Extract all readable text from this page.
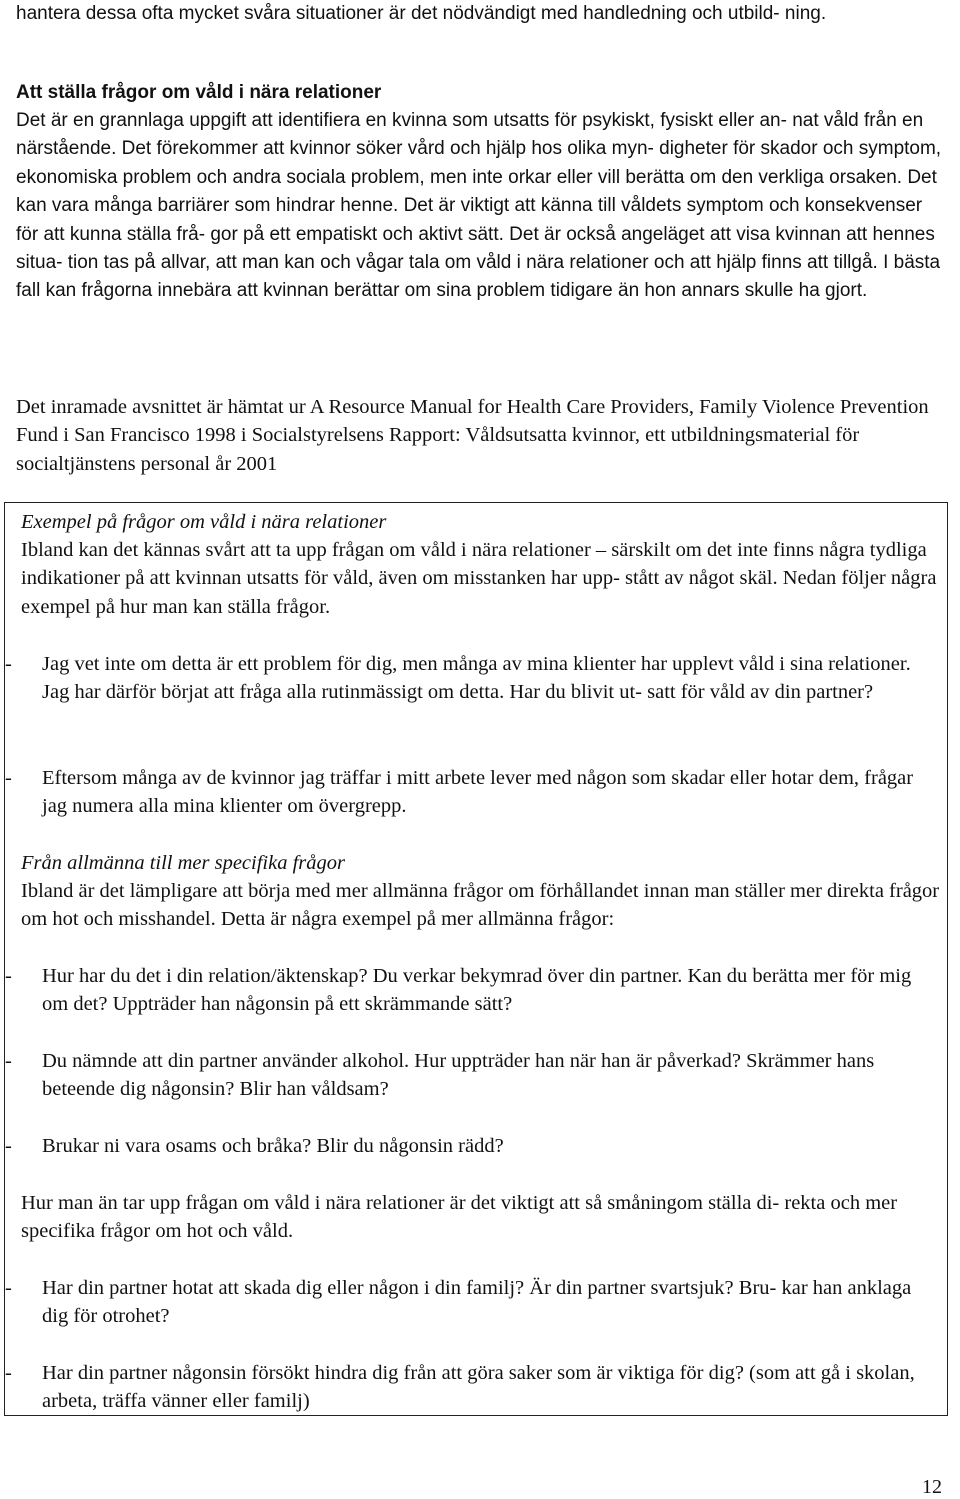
hantera dessa ofta mycket svåra situationer är det nödvändigt med handledning och utbild- ning.

Att ställa frågor om våld i nära relationer

Det är en grannlaga uppgift att identifiera en kvinna som utsatts för psykiskt, fysiskt eller an- nat våld från en närstående. Det förekommer att kvinnor söker vård och hjälp hos olika myn- digheter för skador och symptom, ekonomiska problem och andra sociala problem, men inte orkar eller vill berätta om den verkliga orsaken. Det kan vara många barriärer som hindrar henne. Det är viktigt att känna till våldets symptom och konsekvenser för att kunna ställa frå- gor på ett empatiskt och aktivt sätt. Det är också angeläget att visa kvinnan att hennes situa- tion tas på allvar, att man kan och vågar tala om våld i nära relationer och att hjälp finns att tillgå. I bästa fall kan frågorna innebära att kvinnan berättar om sina problem tidigare än hon annars skulle ha gjort.

Det inramade avsnittet är hämtat ur A Resource Manual for Health Care Providers, Family Violence Prevention Fund i San Francisco 1998 i Socialstyrelsens Rapport: Våldsutsatta kvinnor, ett utbildningsmaterial för socialtjänstens personal år 2001

Exempel på frågor om våld i nära relationer

Ibland kan det kännas svårt att ta upp frågan om våld i nära relationer – särskilt om det inte finns några tydliga indikationer på att kvinnan utsatts för våld, även om misstanken har upp- stått av något skäl. Nedan följer några exempel på hur man kan ställa frågor.

- Jag vet inte om detta är ett problem för dig, men många av mina klienter har upplevt våld i sina relationer. Jag har därför börjat att fråga alla rutinmässigt om detta. Har du blivit ut- satt för våld av din partner?

- Eftersom många av de kvinnor jag träffar i mitt arbete lever med någon som skadar eller hotar dem, frågar jag numera alla mina klienter om övergrepp.

Från allmänna till mer specifika frågor

Ibland är det lämpligare att börja med mer allmänna frågor om förhållandet innan man ställer mer direkta frågor om hot och misshandel. Detta är några exempel på mer allmänna frågor:

- Hur har du det i din relation/äktenskap? Du verkar bekymrad över din partner. Kan du berätta mer för mig om det? Uppträder han någonsin på ett skrämmande sätt?

- Du nämnde att din partner använder alkohol. Hur uppträder han när han är påverkad? Skrämmer hans beteende dig någonsin? Blir han våldsam?

- Brukar ni vara osams och bråka? Blir du någonsin rädd?

Hur man än tar upp frågan om våld i nära relationer är det viktigt att så småningom ställa di- rekta och mer specifika frågor om hot och våld.

- Har din partner hotat att skada dig eller någon i din familj? Är din partner svartsjuk? Bru- kar han anklaga dig för otrohet?

- Har din partner någonsin försökt hindra dig från att göra saker som är viktiga för dig? (som att gå i skolan, arbeta, träffa vänner eller familj)

12
